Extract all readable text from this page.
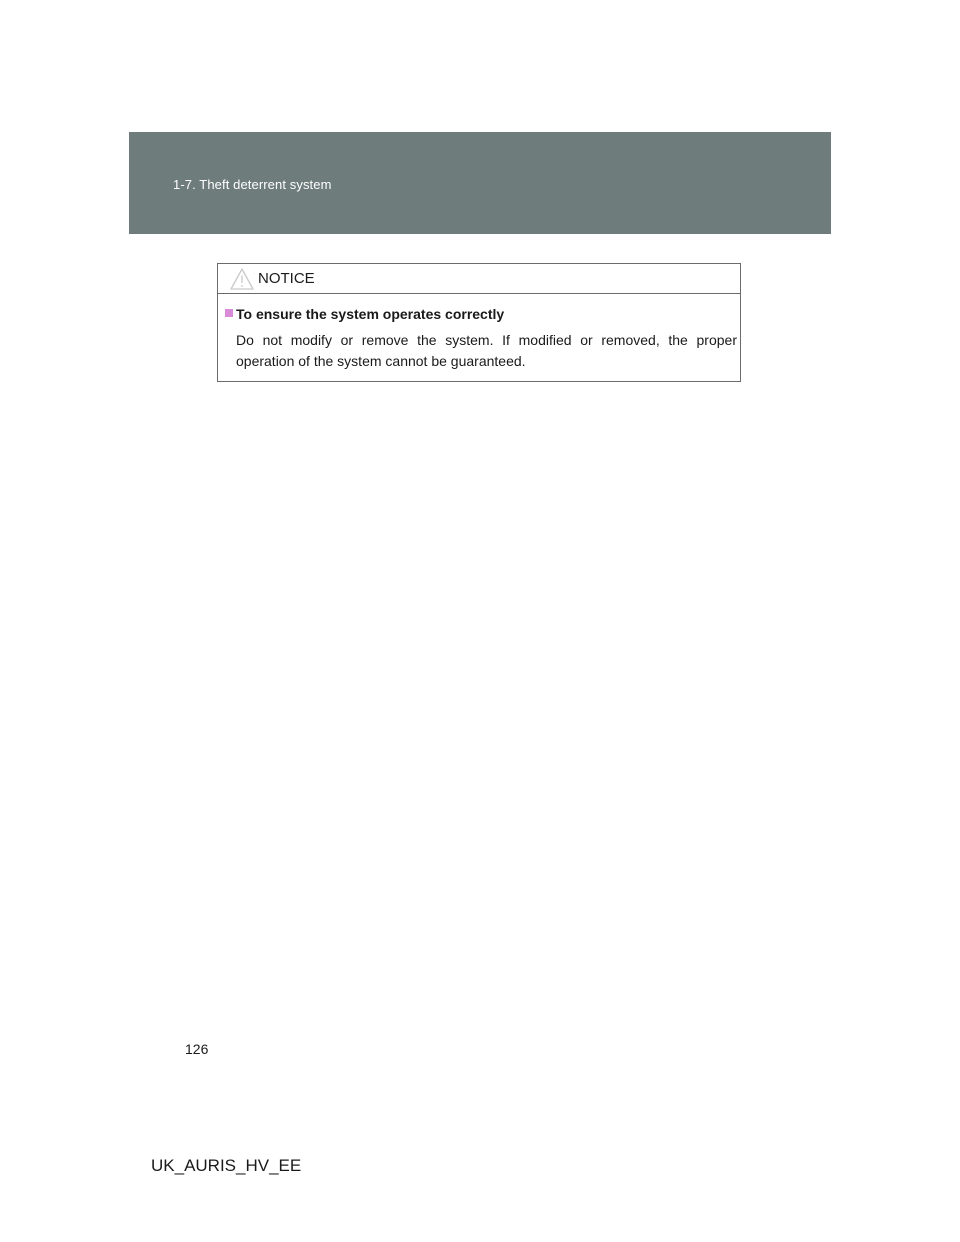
1-7. Theft deterrent system
NOTICE
To ensure the system operates correctly
Do not modify or remove the system. If modified or removed, the proper operation of the system cannot be guaranteed.
126
UK_AURIS_HV_EE
